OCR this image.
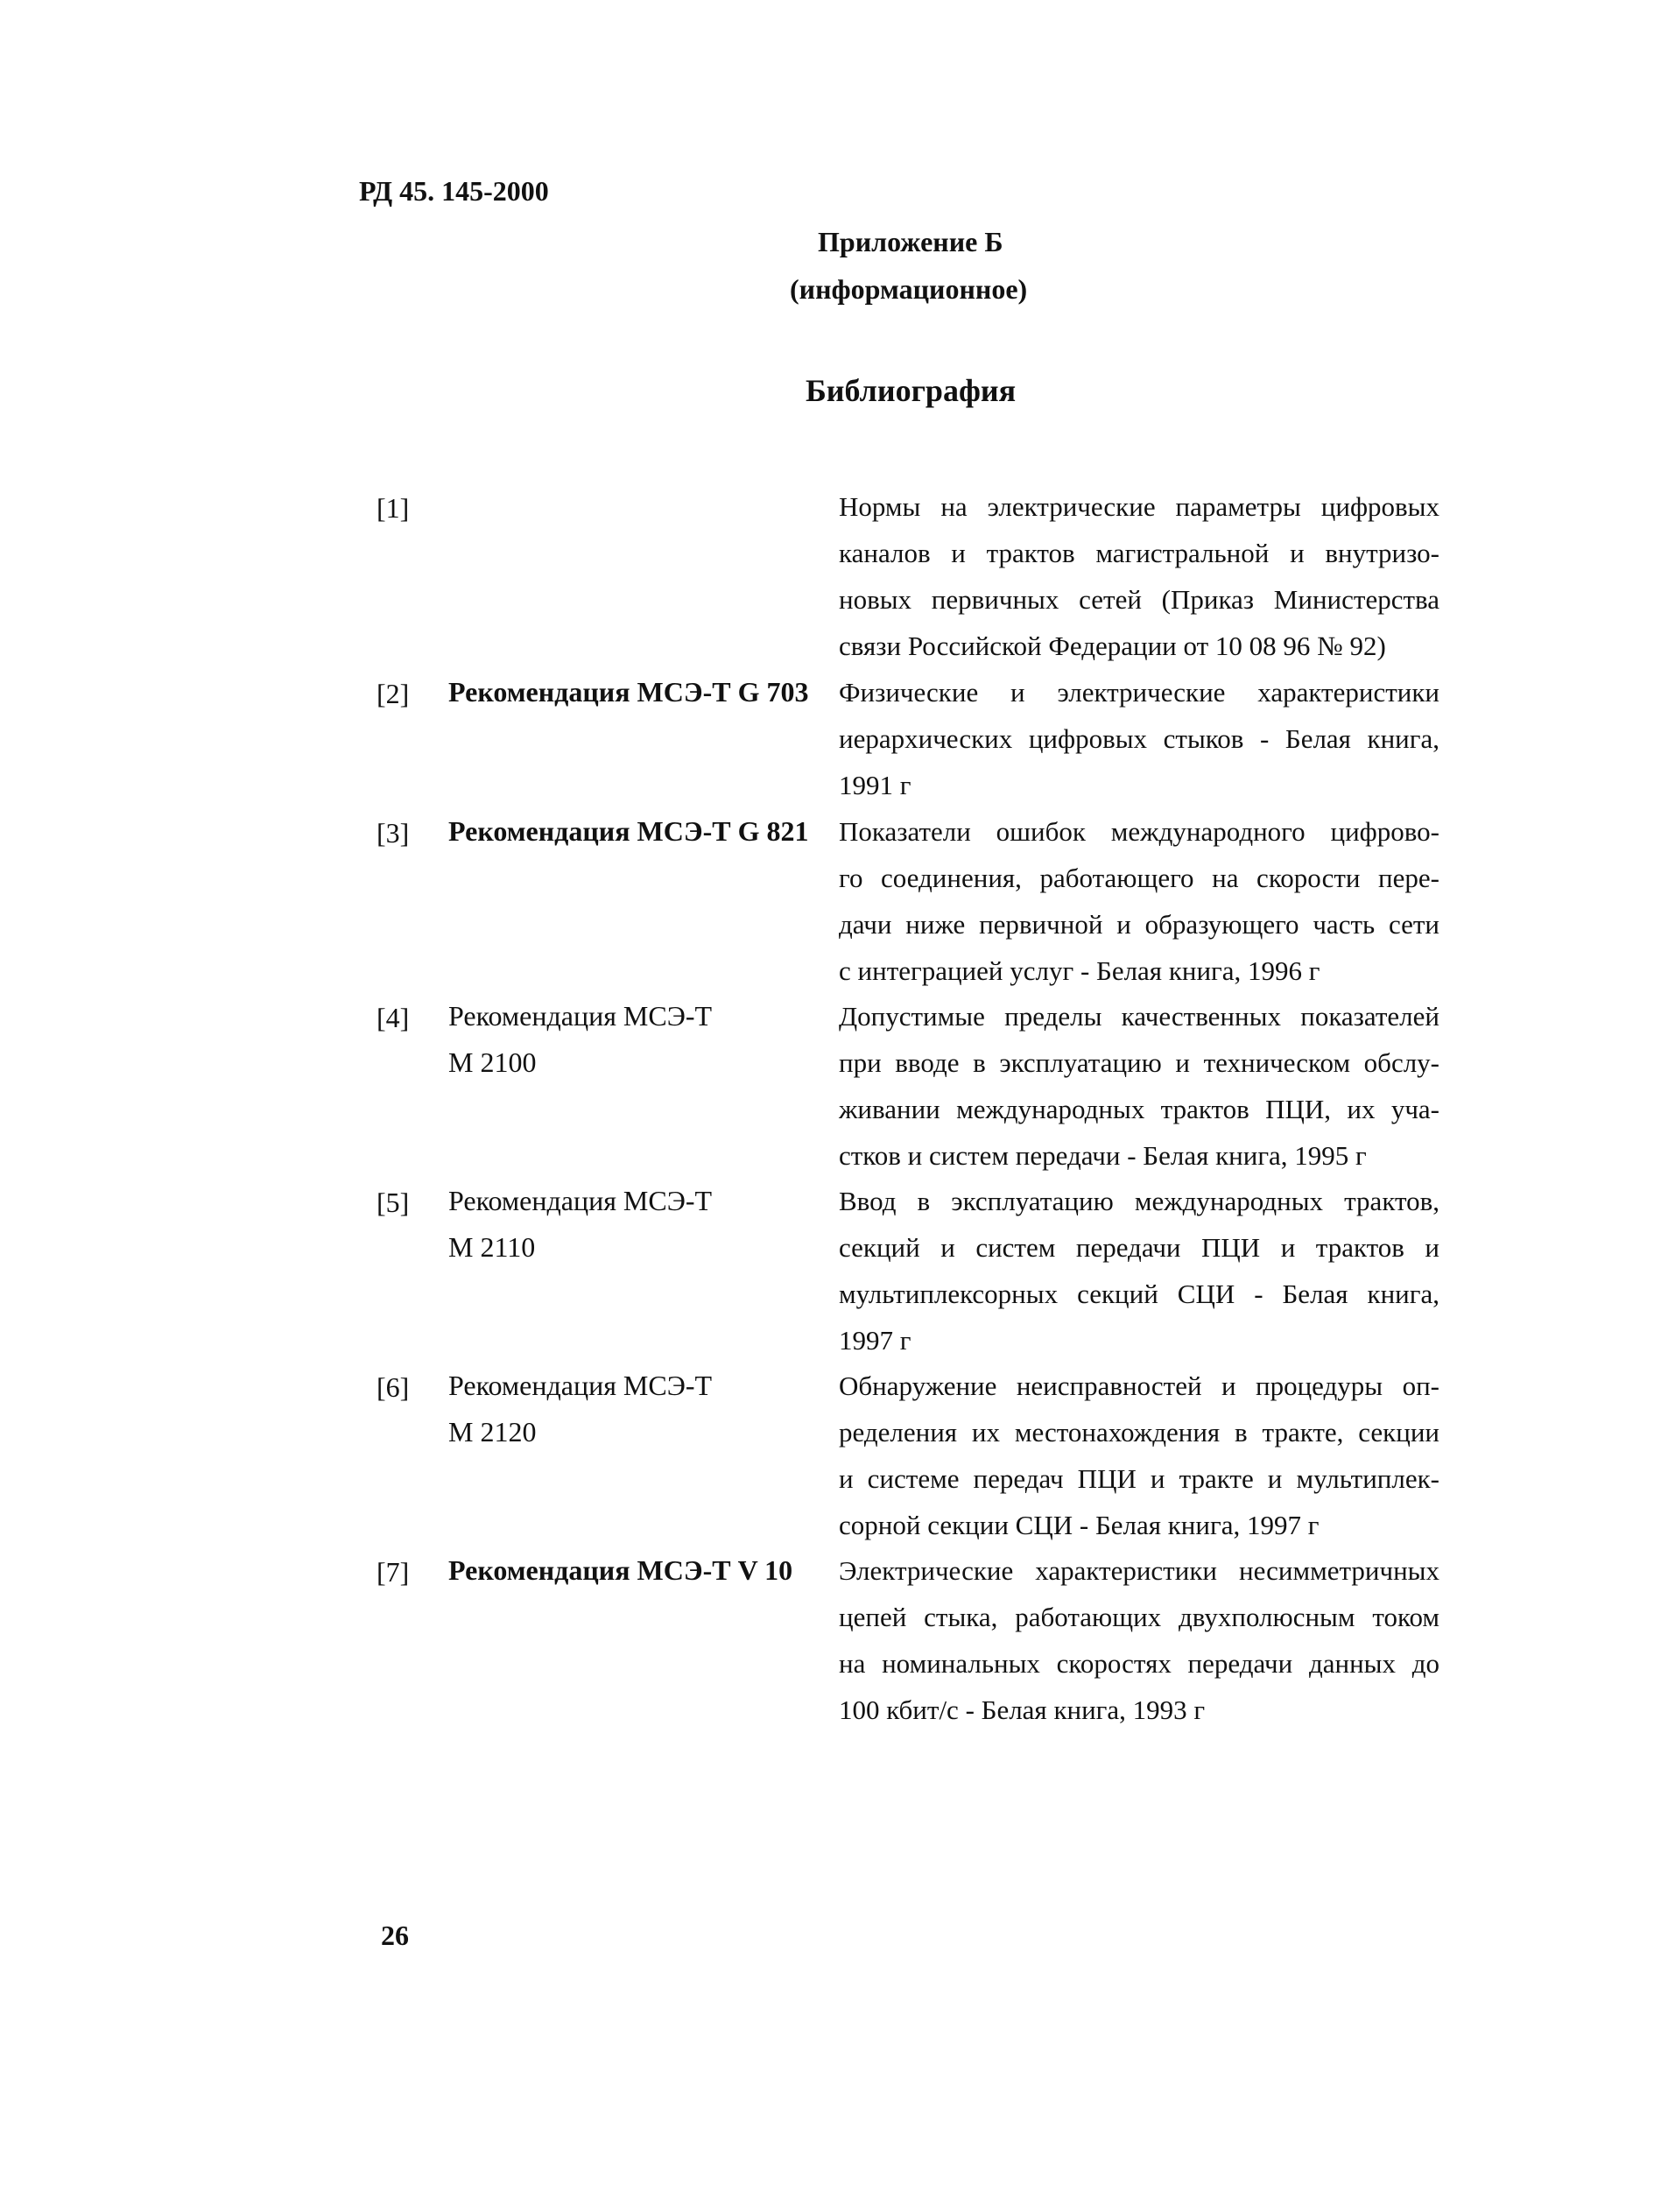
РД 45. 145-2000
Приложение Б
(информационное)
Библиография
[1]	Нормы на электрические параметры цифровых
каналов и трактов магистральной и внутризо-
новых первичных сетей (Приказ Министерства
связи Российской Федерации от 10 08 96 № 92)
[2] Рекомендация МСЭ-Т G 703 Физические и электрические характеристики
иерархических цифровых стыков - Белая книга,
1991 г
[3] Рекомендация МСЭ-Т G 821 Показатели ошибок международного цифрово-
го соединения, работающего на скорости пере-
дачи ниже первичной и образующего часть сети
с интеграцией услуг - Белая книга, 1996 г
[4] Рекомендация МСЭ-Т
М 2100
Допустимые пределы качественных показателей
при вводе в эксплуатацию и техническом обслу-
живании международных трактов ПЦИ, их уча-
стков и систем передачи - Белая книга, 1995 г
[5] Рекомендация МСЭ-Т
М 2110
Ввод в эксплуатацию международных трактов,
секций и систем передачи ПЦИ и трактов и
мультиплексорных секций СЦИ - Белая книга,
1997 г
[6] Рекомендация МСЭ-Т
М 2120
Обнаружение неисправностей и процедуры оп-
ределения их местонахождения в тракте, секции
и системе передач ПЦИ и тракте и мультиплек-
сорной секции СЦИ - Белая книга, 1997 г
[7] Рекомендация МСЭ-Т V 10 Электрические характеристики несимметричных
цепей стыка, работающих двухполюсным током
на номинальных скоростях передачи данных до
100 кбит/с - Белая книга, 1993 г
26
